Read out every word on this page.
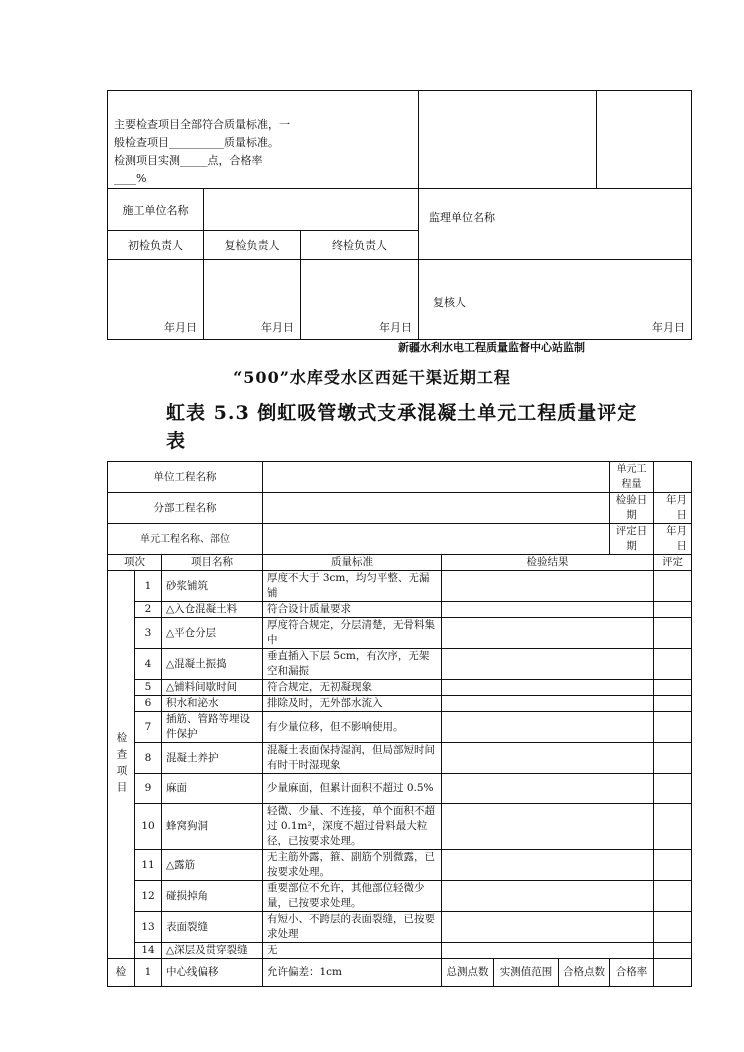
主要检查项目全部符合质量标准，一
般检查项目__________质量标准。
检测项目实测_____点，合格率____%				

施工单位名称			监理单位名称	
初检负责人	复检负责人	终检负责人		
年月日	年月日	年月日	复核人
年月日	
新疆水利水电工程质量监督中心站监制
“500”水库受水区西延干渠近期工程
虹表 5.3 倒虹吸管墩式支承混凝土单元工程质量评定
表
单位工程名称							单元工程量	
分部工程名称							检验日期	年月日
单元工程名称、部位							评定日期	年月日
项次		项目名称	质量标准	检验结果				评定

检查项目	1	砂浆铺筑	厚度不大于 3cm，均匀平整、无漏铺					
	2	△入仓混凝土料	符合设计质量要求					
	3	△平仓分层	厚度符合规定，分层清楚，无骨料集中					
	4	△混凝土振捣	垂直插入下层 5cm，有次序，无架空和漏振					
	5	△铺料间歇时间	符合规定，无初凝现象					
	6	积水和泌水	排除及时，无外部水流入					
	7	插筋、管路等埋设件保护	有少量位移，但不影响使用。					
	8	混凝土养护	混凝土表面保持湿润，但局部短时间有时干时湿现象					
	9	麻面	少量麻面，但累计面积不超过 0.5%					
	10	蜂窝狗洞	轻微、少量、不连接，单个面积不超过 0.1m²，深度不超过骨料最大粒径，已按要求处理。					
	11	△露筋	无主筋外露，箍、副筋个别微露，已按要求处理。					
	12	碰损掉角	重要部位不允许，其他部位轻微少量，已按要求处理。					
	13	表面裂缝	有短小、不跨层的表面裂缝，已按要求处理					
	14	△深层及贯穿裂缝	无					
检	1	中心线偏移	允许偏差：1cm	总测点数	实测值范围	合格点数	合格率	
